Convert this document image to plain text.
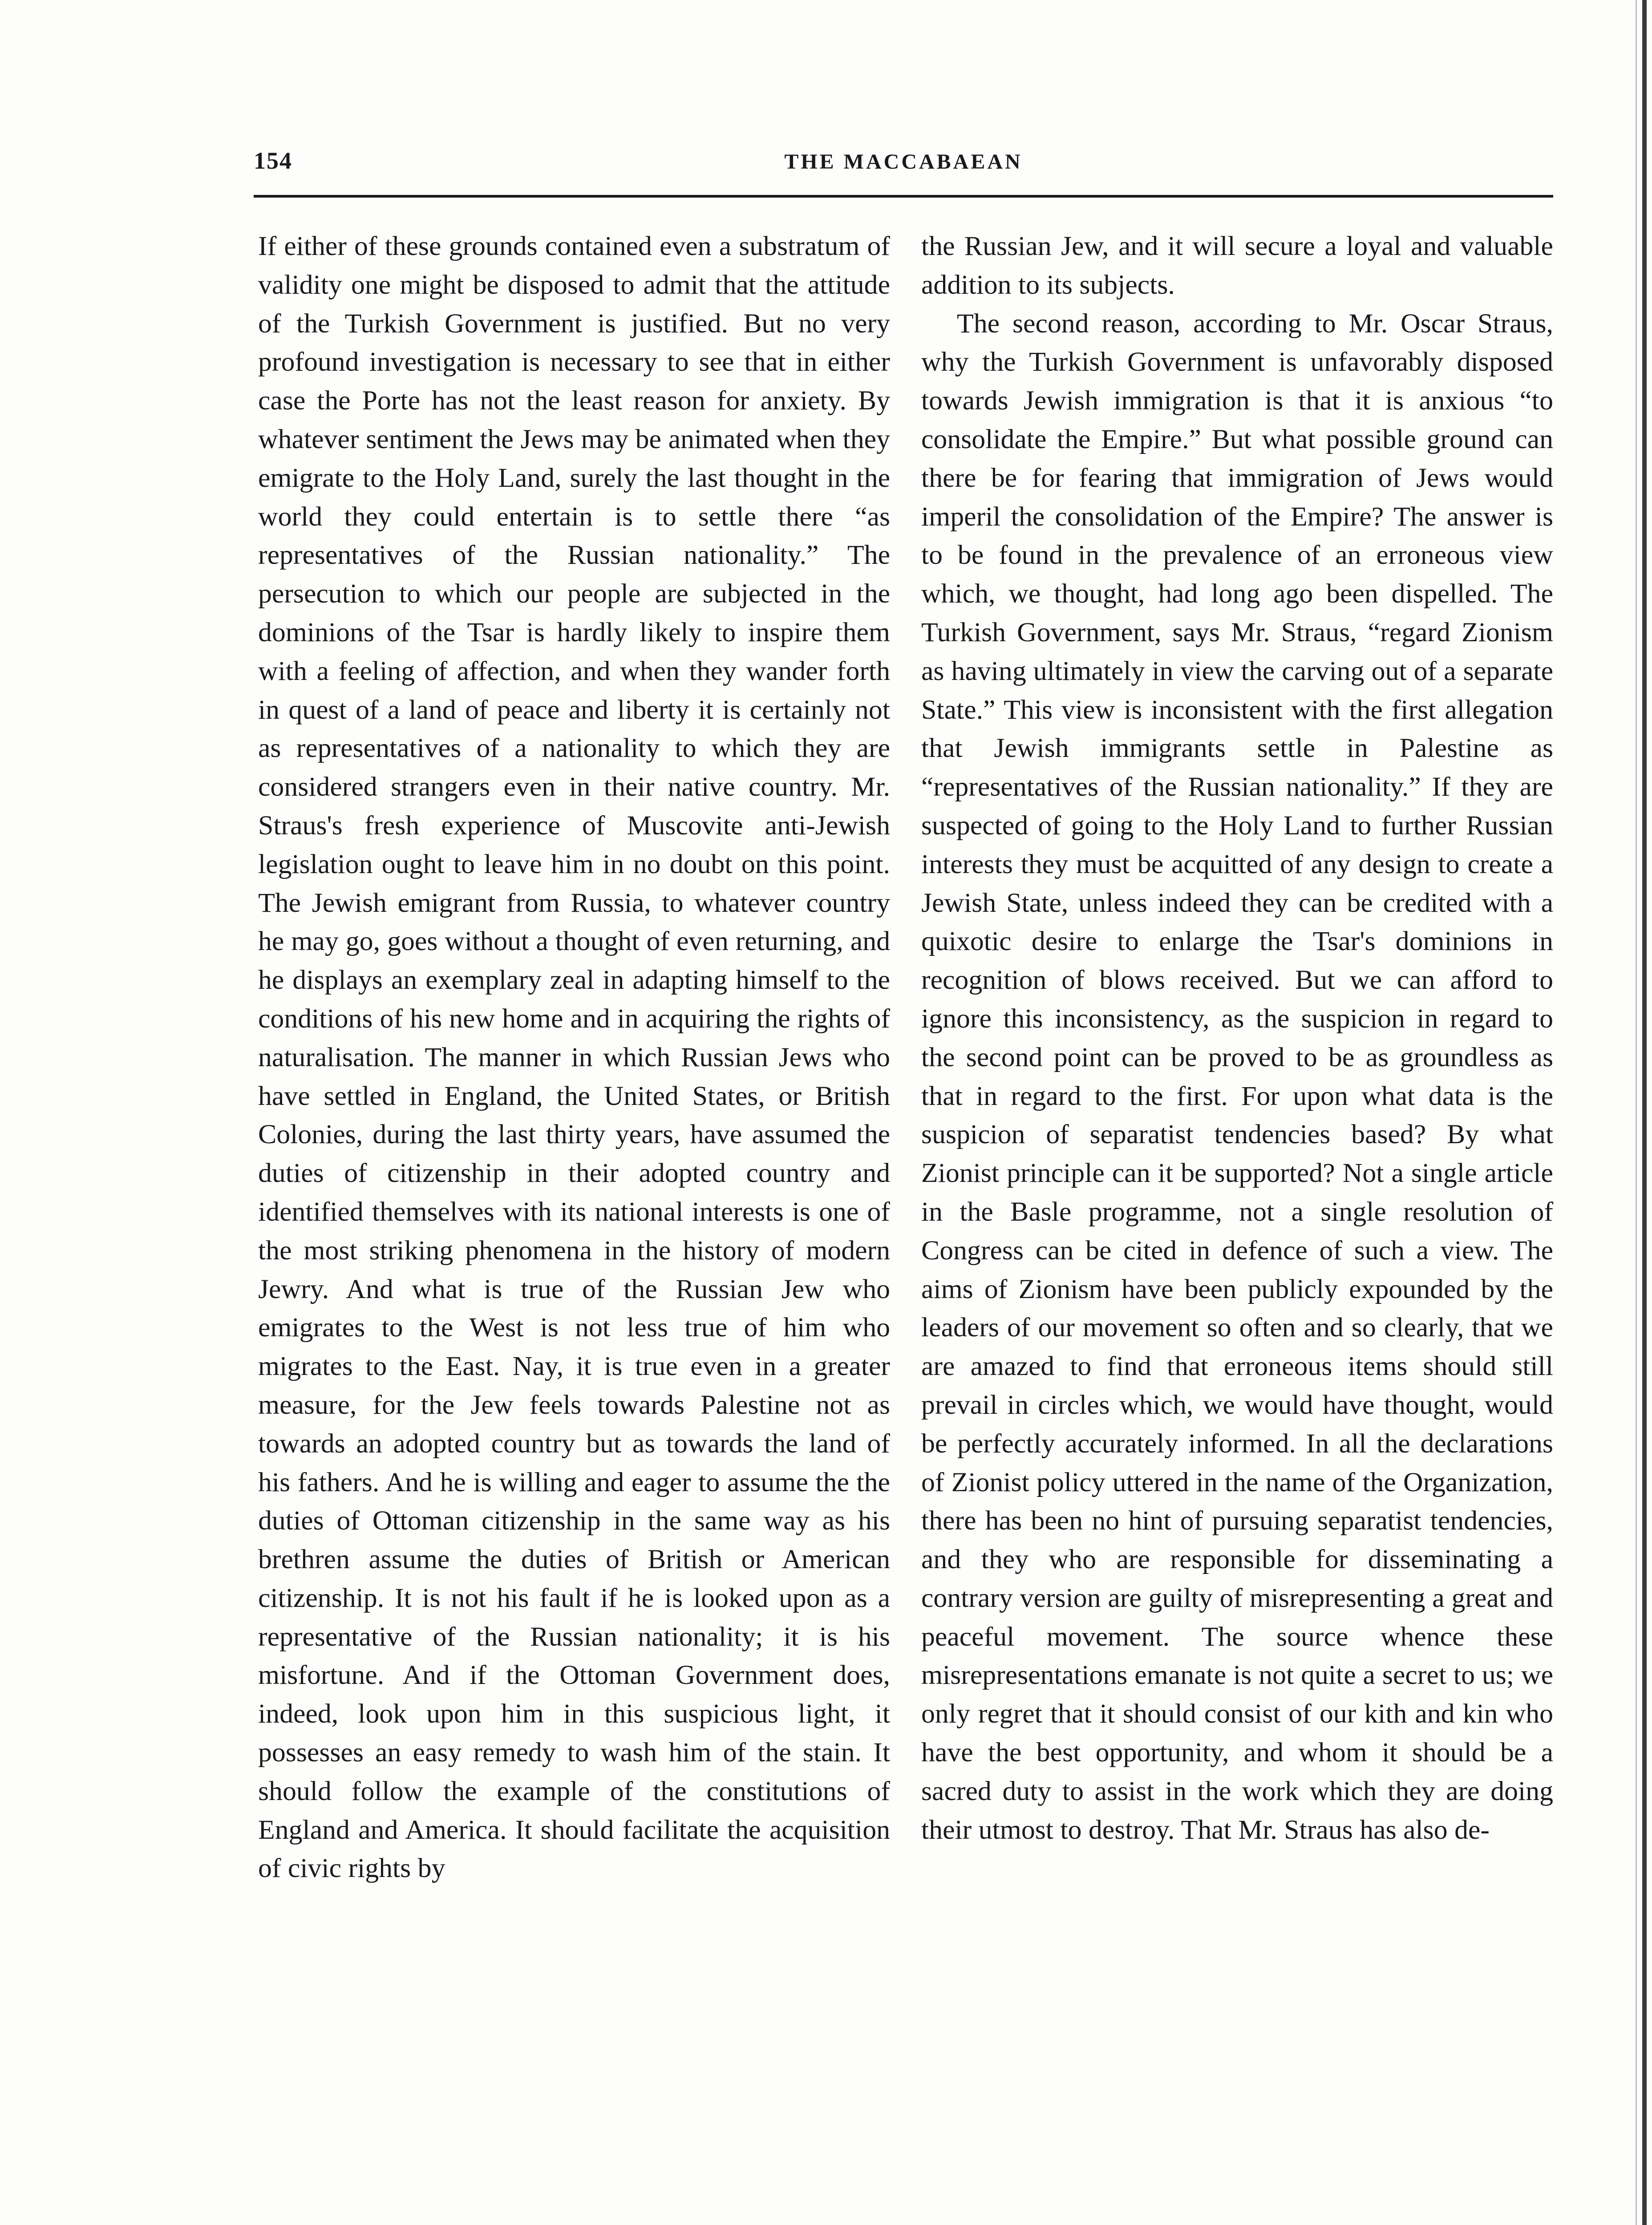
154	THE MACCABAEAN

If either of these grounds contained even a substratum of validity one might be disposed to admit that the attitude of the Turkish Government is justified. But no very profound investigation is necessary to see that in either case the Porte has not the least reason for anxiety. By whatever sentiment the Jews may be animated when they emigrate to the Holy Land, surely the last thought in the world they could entertain is to settle there “as representatives of the Russian nationality.” The persecution to which our people are subjected in the dominions of the Tsar is hardly likely to inspire them with a feeling of affection, and when they wander forth in quest of a land of peace and liberty it is certainly not as representatives of a nationality to which they are considered strangers even in their native country. Mr. Straus's fresh experience of Muscovite anti-Jewish legislation ought to leave him in no doubt on this point. The Jewish emigrant from Russia, to whatever country he may go, goes without a thought of even returning, and he displays an exemplary zeal in adapting himself to the conditions of his new home and in acquiring the rights of naturalisation. The manner in which Russian Jews who have settled in England, the United States, or British Colonies, during the last thirty years, have assumed the duties of citizenship in their adopted country and identified themselves with its national interests is one of the most striking phenomena in the history of modern Jewry. And what is true of the Russian Jew who emigrates to the West is not less true of him who migrates to the East. Nay, it is true even in a greater measure, for the Jew feels towards Palestine not as towards an adopted country but as towards the land of his fathers. And he is willing and eager to assume the the duties of Ottoman citizenship in the same way as his brethren assume the duties of British or American citizenship. It is not his fault if he is looked upon as a representative of the Russian nationality; it is his misfortune. And if the Ottoman Government does, indeed, look upon him in this suspicious light, it possesses an easy remedy to wash him of the stain. It should follow the example of the constitutions of England and America. It should facilitate the acquisition of civic rights by

the Russian Jew, and it will secure a loyal and valuable addition to its subjects.

The second reason, according to Mr. Oscar Straus, why the Turkish Government is unfavorably disposed towards Jewish immigration is that it is anxious “to consolidate the Empire.” But what possible ground can there be for fearing that immigration of Jews would imperil the consolidation of the Empire? The answer is to be found in the prevalence of an erroneous view which, we thought, had long ago been dispelled. The Turkish Government, says Mr. Straus, “regard Zionism as having ultimately in view the carving out of a separate State.” This view is inconsistent with the first allegation that Jewish immigrants settle in Palestine as “representatives of the Russian nationality.” If they are suspected of going to the Holy Land to further Russian interests they must be acquitted of any design to create a Jewish State, unless indeed they can be credited with a quixotic desire to enlarge the Tsar's dominions in recognition of blows received. But we can afford to ignore this inconsistency, as the suspicion in regard to the second point can be proved to be as groundless as that in regard to the first. For upon what data is the suspicion of separatist tendencies based? By what Zionist principle can it be supported? Not a single article in the Basle programme, not a single resolution of Congress can be cited in defence of such a view. The aims of Zionism have been publicly expounded by the leaders of our movement so often and so clearly, that we are amazed to find that erroneous items should still prevail in circles which, we would have thought, would be perfectly accurately informed. In all the declarations of Zionist policy uttered in the name of the Organization, there has been no hint of pursuing separatist tendencies, and they who are responsible for disseminating a contrary version are guilty of misrepresenting a great and peaceful movement. The source whence these misrepresentations emanate is not quite a secret to us; we only regret that it should consist of our kith and kin who have the best opportunity, and whom it should be a sacred duty to assist in the work which they are doing their utmost to destroy. That Mr. Straus has also de-
